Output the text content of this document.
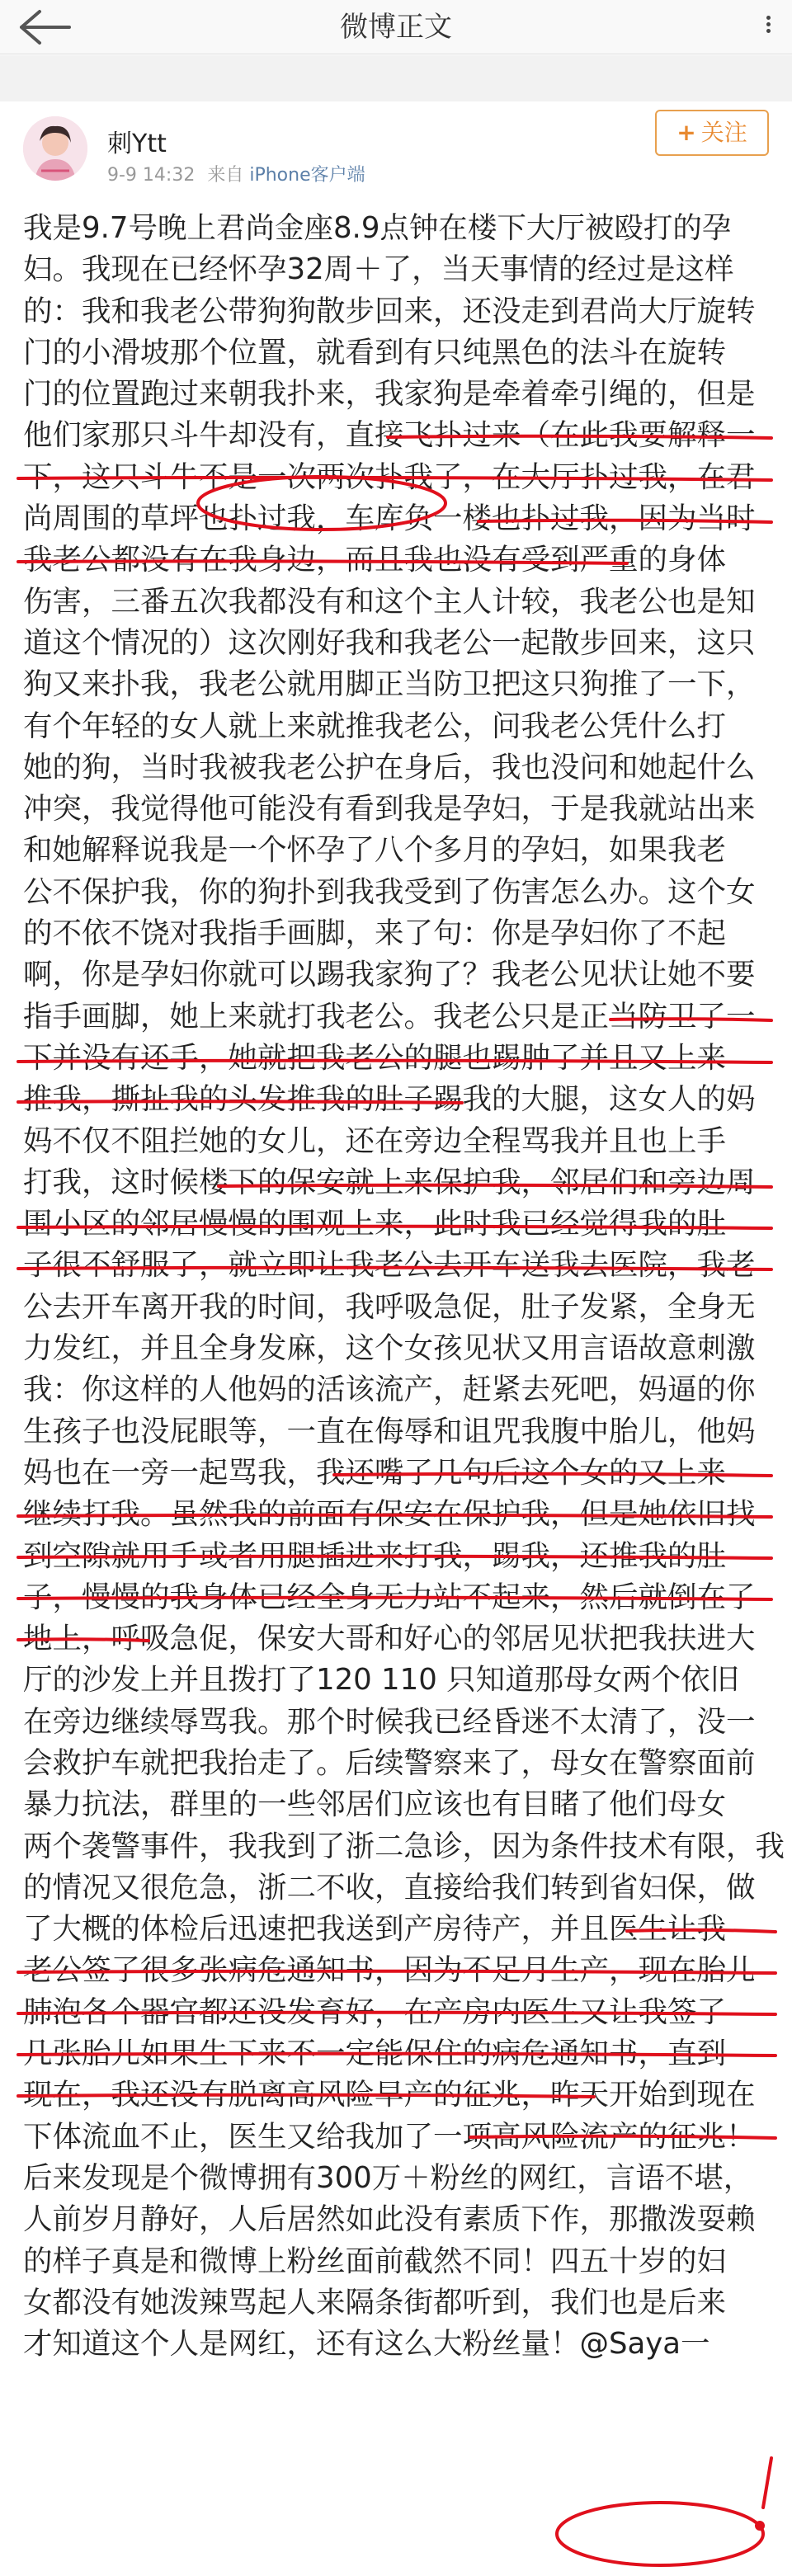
微博正文
刺Ytt
9-9 14:32 来自 iPhone客户端
+ 关注

我是9.7号晚上君尚金座8.9点钟在楼下大厅被殴打的孕

妇。我现在已经怀孕32周＋了，当天事情的经过是这样

的：我和我老公带狗狗散步回来，还没走到君尚大厅旋转

门的小滑坡那个位置，就看到有只纯黑色的法斗在旋转

门的位置跑过来朝我扑来，我家狗是牵着牵引绳的，但是

他们家那只斗牛却没有，直接飞扑过来（在此我要解释一

下，这只斗牛不是一次两次扑我了，在大厅扑过我，在君

尚周围的草坪也扑过我，车库负一楼也扑过我，因为当时

我老公都没有在我身边，而且我也没有受到严重的身体

伤害，三番五次我都没有和这个主人计较，我老公也是知

道这个情况的）这次刚好我和我老公一起散步回来，这只

狗又来扑我，我老公就用脚正当防卫把这只狗推了一下，

有个年轻的女人就上来就推我老公，问我老公凭什么打

她的狗，当时我被我老公护在身后，我也没问和她起什么

冲突，我觉得他可能没有看到我是孕妇，于是我就站出来

和她解释说我是一个怀孕了八个多月的孕妇，如果我老

公不保护我，你的狗扑到我我受到了伤害怎么办。这个女

的不依不饶对我指手画脚，来了句：你是孕妇你了不起

啊，你是孕妇你就可以踢我家狗了？我老公见状让她不要

指手画脚，她上来就打我老公。我老公只是正当防卫了一

下并没有还手，她就把我老公的腿也踢肿了并且又上来

推我，撕扯我的头发推我的肚子踢我的大腿，这女人的妈

妈不仅不阻拦她的女儿，还在旁边全程骂我并且也上手

打我，这时候楼下的保安就上来保护我，邻居们和旁边周

围小区的邻居慢慢的围观上来，此时我已经觉得我的肚

子很不舒服了，就立即让我老公去开车送我去医院，我老

公去开车离开我的时间，我呼吸急促，肚子发紧，全身无

力发红，并且全身发麻，这个女孩见状又用言语故意刺激

我：你这样的人他妈的活该流产，赶紧去死吧，妈逼的你

生孩子也没屁眼等，一直在侮辱和诅咒我腹中胎儿，他妈

妈也在一旁一起骂我，我还嘴了几句后这个女的又上来

继续打我。虽然我的前面有保安在保护我，但是她依旧找

到空隙就用手或者用腿插进来打我，踢我，还推我的肚

子，慢慢的我身体已经全身无力站不起来，然后就倒在了

地上，呼吸急促，保安大哥和好心的邻居见状把我扶进大

厅的沙发上并且拨打了120 110 只知道那母女两个依旧

在旁边继续辱骂我。那个时候我已经昏迷不太清了，没一

会救护车就把我抬走了。后续警察来了，母女在警察面前

暴力抗法，群里的一些邻居们应该也有目睹了他们母女

两个袭警事件，我我到了浙二急诊，因为条件技术有限，我

的情况又很危急，浙二不收，直接给我们转到省妇保，做

了大概的体检后迅速把我送到产房待产，并且医生让我

老公签了很多张病危通知书，因为不足月生产，现在胎儿

肺泡各个器官都还没发育好，在产房内医生又让我签了

几张胎儿如果生下来不一定能保住的病危通知书，直到

现在，我还没有脱离高风险早产的征兆，昨天开始到现在

下体流血不止，医生又给我加了一项高风险流产的征兆！

后来发现是个微博拥有300万＋粉丝的网红，言语不堪，

人前岁月静好，人后居然如此没有素质下作，那撒泼耍赖

的样子真是和微博上粉丝面前截然不同！四五十岁的妇

女都没有她泼辣骂起人来隔条街都听到，我们也是后来

才知道这个人是网红，还有这么大粉丝量！@Saya一
